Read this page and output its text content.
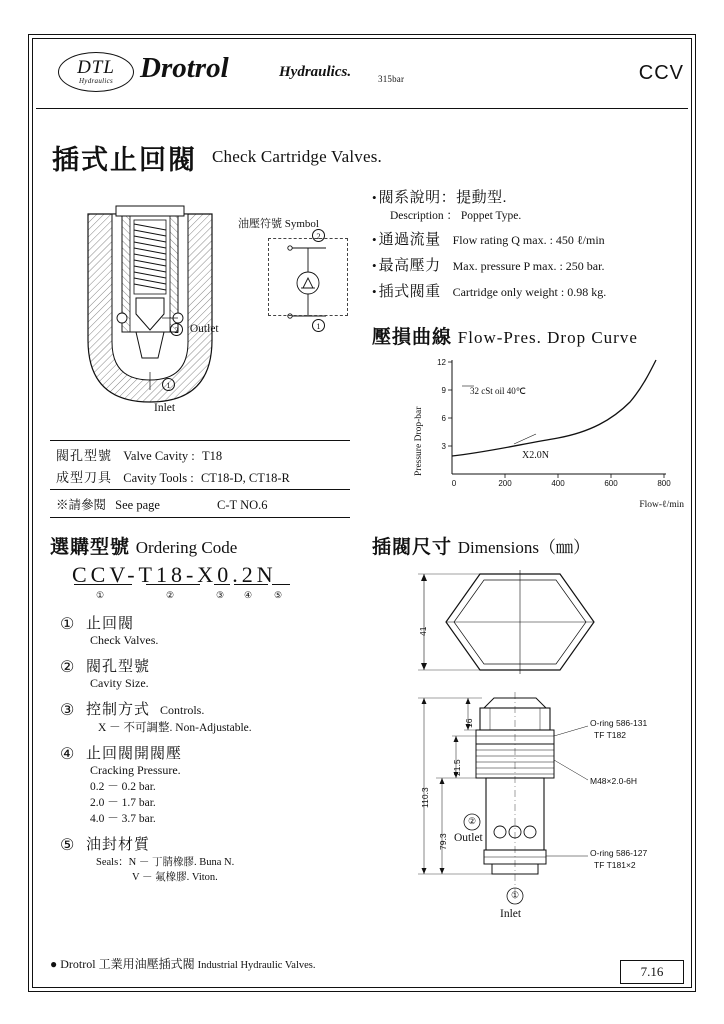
DTL
Hydraulics Drotrol	Hydraulics.	315bar	CCV
插式止回閥 Check Cartridge Valves.
油壓符號 Symbol
2
1
2 Outlet
1
Inlet
• 閥系說明：提動型.
Description ： Poppet Type.
• 通過流量 Flow rating Q max. : 450 ℓ/min
• 最高壓力 Max. pressure P max. : 250 bar.
• 插式閥重 Cartridge only weight : 0.98 kg.
壓損曲線 Flow-Pres. Drop Curve
Pressure Drop-bar
12
9
6
3
0	200	400	600	800
32 cSt oil 40℃
X2.0N
Flow-ℓ/min
閥孔型號 Valve Cavity : T18
成型刀具 Cavity Tools : CT18-D, CT18-R
※請參閱 See page	C-T NO.6
選購型號 Ordering Code
CCV-T18-X0.2N
①	②	③ ④ ⑤
① 止回閥
Check Valves.
② 閥孔型號
Cavity Size.
③ 控制方式 Controls.
X － 不可調整. Non-Adjustable.
④ 止回閥開閥壓
Cracking Pressure.
0.2 － 0.2 bar.
2.0 － 1.7 bar.
4.0 － 3.7 bar.
⑤ 油封材質
Seals：N － 丁腈橡膠. Buna N.
V － 氟橡膠. Viton.
插閥尺寸 Dimensions（㎜）
41
16
21.5
79.3
110.3
O-ring 586-131
TF T182
M48×2.0-6H
O-ring 586-127
TF T181×2
②
Outlet
①
Inlet
● Drotrol 工業用油壓插式閥 Industrial Hydraulic Valves.	7.16
